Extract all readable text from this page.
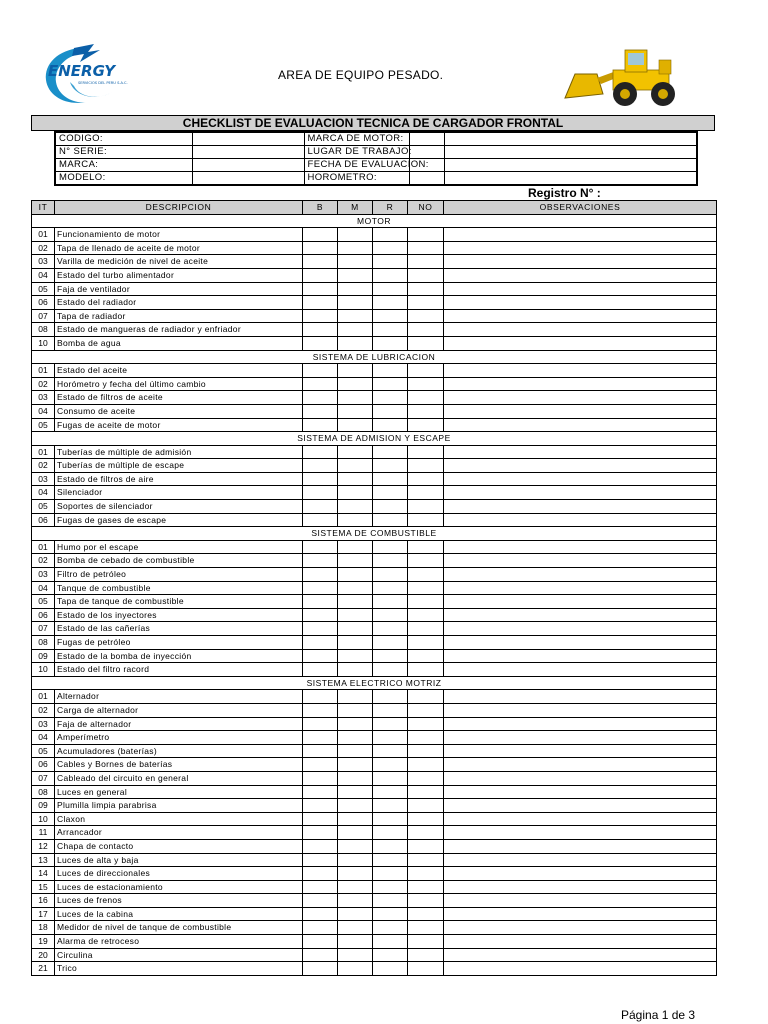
ENERGY
SERVICIOS DEL PERU S.A.C.
AREA DE EQUIPO PESADO.
CHECKLIST DE EVALUACION TECNICA DE CARGADOR FRONTAL
CODIGO:		MARCA DE MOTOR:		
N° SERIE:		LUGAR DE TRABAJO:		
MARCA:		FECHA DE EVALUACION:		
MODELO:		HOROMETRO:		
Registro N° :
IT	DESCRIPCION	B	M	R	NO	OBSERVACIONES
MOTOR						
01	Funcionamiento de motor					
02	Tapa de llenado de aceite de motor					
03	Varilla de medición de nivel de aceite					
04	Estado del turbo alimentador					
05	Faja de ventilador					
06	Estado del radiador					
07	Tapa de radiador					
08	Estado de mangueras de radiador y enfriador					
10	Bomba de agua					
SISTEMA DE LUBRICACION						
01	Estado del aceite					
02	Horómetro y fecha del último cambio					
03	Estado de filtros de aceite					
04	Consumo de aceite					
05	Fugas de aceite de motor					
SISTEMA DE ADMISION Y ESCAPE						
01	Tuberías de múltiple de admisión					
02	Tuberías de múltiple de escape					
03	Estado de filtros de aire					
04	Silenciador					
05	Soportes de silenciador					
06	Fugas de gases de escape					
SISTEMA DE COMBUSTIBLE						
01	Humo por el escape					
02	Bomba de cebado de combustible					
03	Filtro de petróleo					
04	Tanque de combustible					
05	Tapa de tanque de combustible					
06	Estado de los inyectores					
07	Estado de las cañerías					
08	Fugas de petróleo					
09	Estado de la bomba de inyección					
10	Estado del filtro racord					
SISTEMA ELECTRICO MOTRIZ						
01	Alternador					
02	Carga de alternador					
03	Faja de alternador					
04	Amperímetro					
05	Acumuladores (baterías)					
06	Cables y Bornes de baterías					
07	Cableado del circuito en general					
08	Luces en general					
09	Plumilla limpia parabrisa					
10	Claxon					
11	Arrancador					
12	Chapa de contacto					
13	Luces de alta y baja					
14	Luces de direccionales					
15	Luces de estacionamiento					
16	Luces de frenos					
17	Luces de la cabina					
18	Medidor de nivel de tanque de combustible					
19	Alarma de retroceso					
20	Circulina					
21	Trico					
Página 1 de 3
